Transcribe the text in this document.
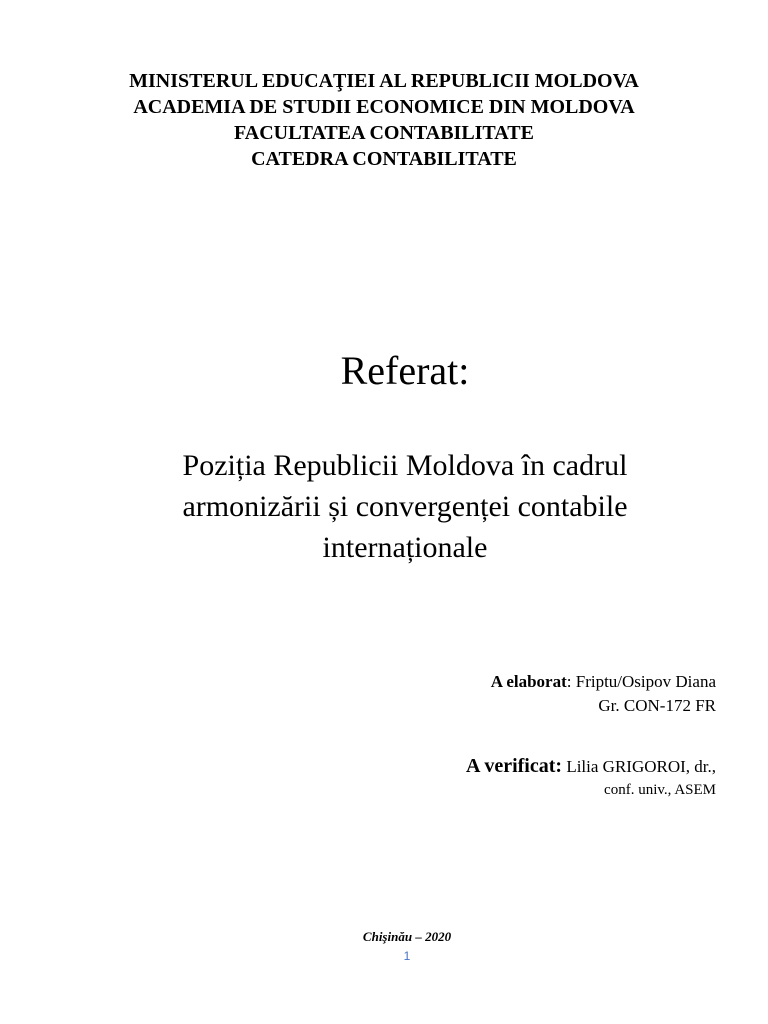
MINISTERUL EDUCAŢIEI AL REPUBLICII MOLDOVA
ACADEMIA DE STUDII ECONOMICE DIN MOLDOVA
FACULTATEA CONTABILITATE
CATEDRA CONTABILITATE
Referat:
Poziția Republicii Moldova în cadrul
armonizării și convergenței contabile
internaționale
A elaborat: Friptu/Osipov Diana
Gr. CON-172 FR
A verificat: Lilia GRIGOROI, dr.,
conf. univ., ASEM
Chişinău – 2020
1
